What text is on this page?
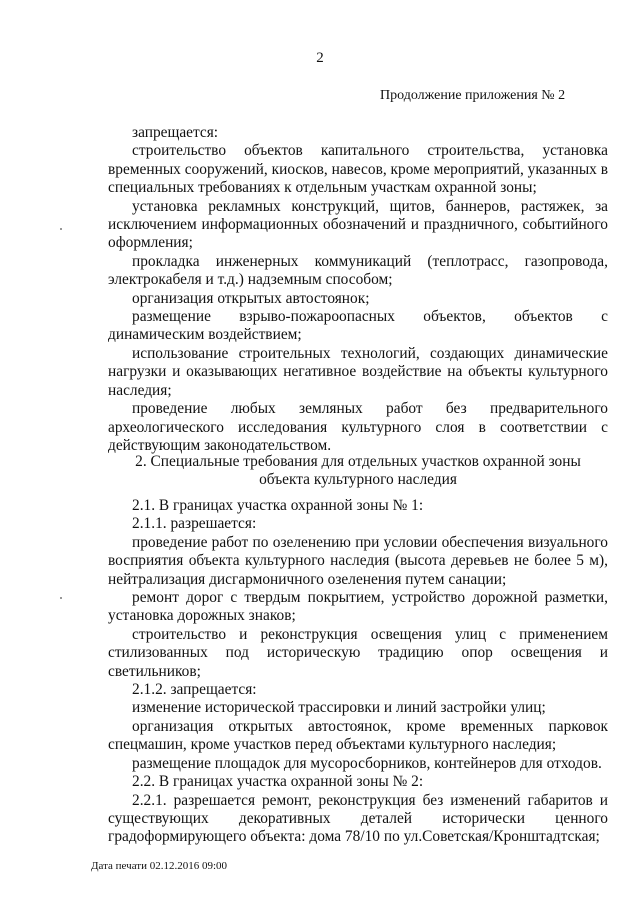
2
Продолжение приложения № 2

запрещается:

строительство объектов капитального строительства, установка временных сооружений, киосков, навесов, кроме мероприятий, указанных в специальных требованиях к отдельным участкам охранной зоны;

установка рекламных конструкций, щитов, баннеров, растяжек, за исключением информационных обозначений и праздничного, событийного оформления;

прокладка инженерных коммуникаций (теплотрасс, газопровода, электрокабеля и т.д.) надземным способом;

организация открытых автостоянок;

размещение взрыво-пожароопасных объектов, объектов с динамическим воздействием;

использование строительных технологий, создающих динамические нагрузки и оказывающих негативное воздействие на объекты культурного наследия;

проведение любых земляных работ без предварительного археологического исследования культурного слоя в соответствии с действующим законодательством.

2. Специальные требования для отдельных участков охранной зоны
объекта культурного наследия

2.1. В границах участка охранной зоны № 1:

2.1.1. разрешается:

проведение работ по озеленению при условии обеспечения визуального восприятия объекта культурного наследия (высота деревьев не более 5 м), нейтрализация дисгармоничного озеленения путем санации;

ремонт дорог с твердым покрытием, устройство дорожной разметки, установка дорожных знаков;

строительство и реконструкция освещения улиц с применением стилизованных под историческую традицию опор освещения и светильников;

2.1.2. запрещается:

изменение исторической трассировки и линий застройки улиц;

организация открытых автостоянок, кроме временных парковок спецмашин, кроме участков перед объектами культурного наследия;

размещение площадок для мусоросборников, контейнеров для отходов.

2.2. В границах участка охранной зоны № 2:

2.2.1. разрешается ремонт, реконструкция без изменений габаритов и существующих декоративных деталей исторически ценного градоформирующего объекта: дома 78/10 по ул.Советская/Кронштадтская;

Дата печати 02.12.2016 09:00
